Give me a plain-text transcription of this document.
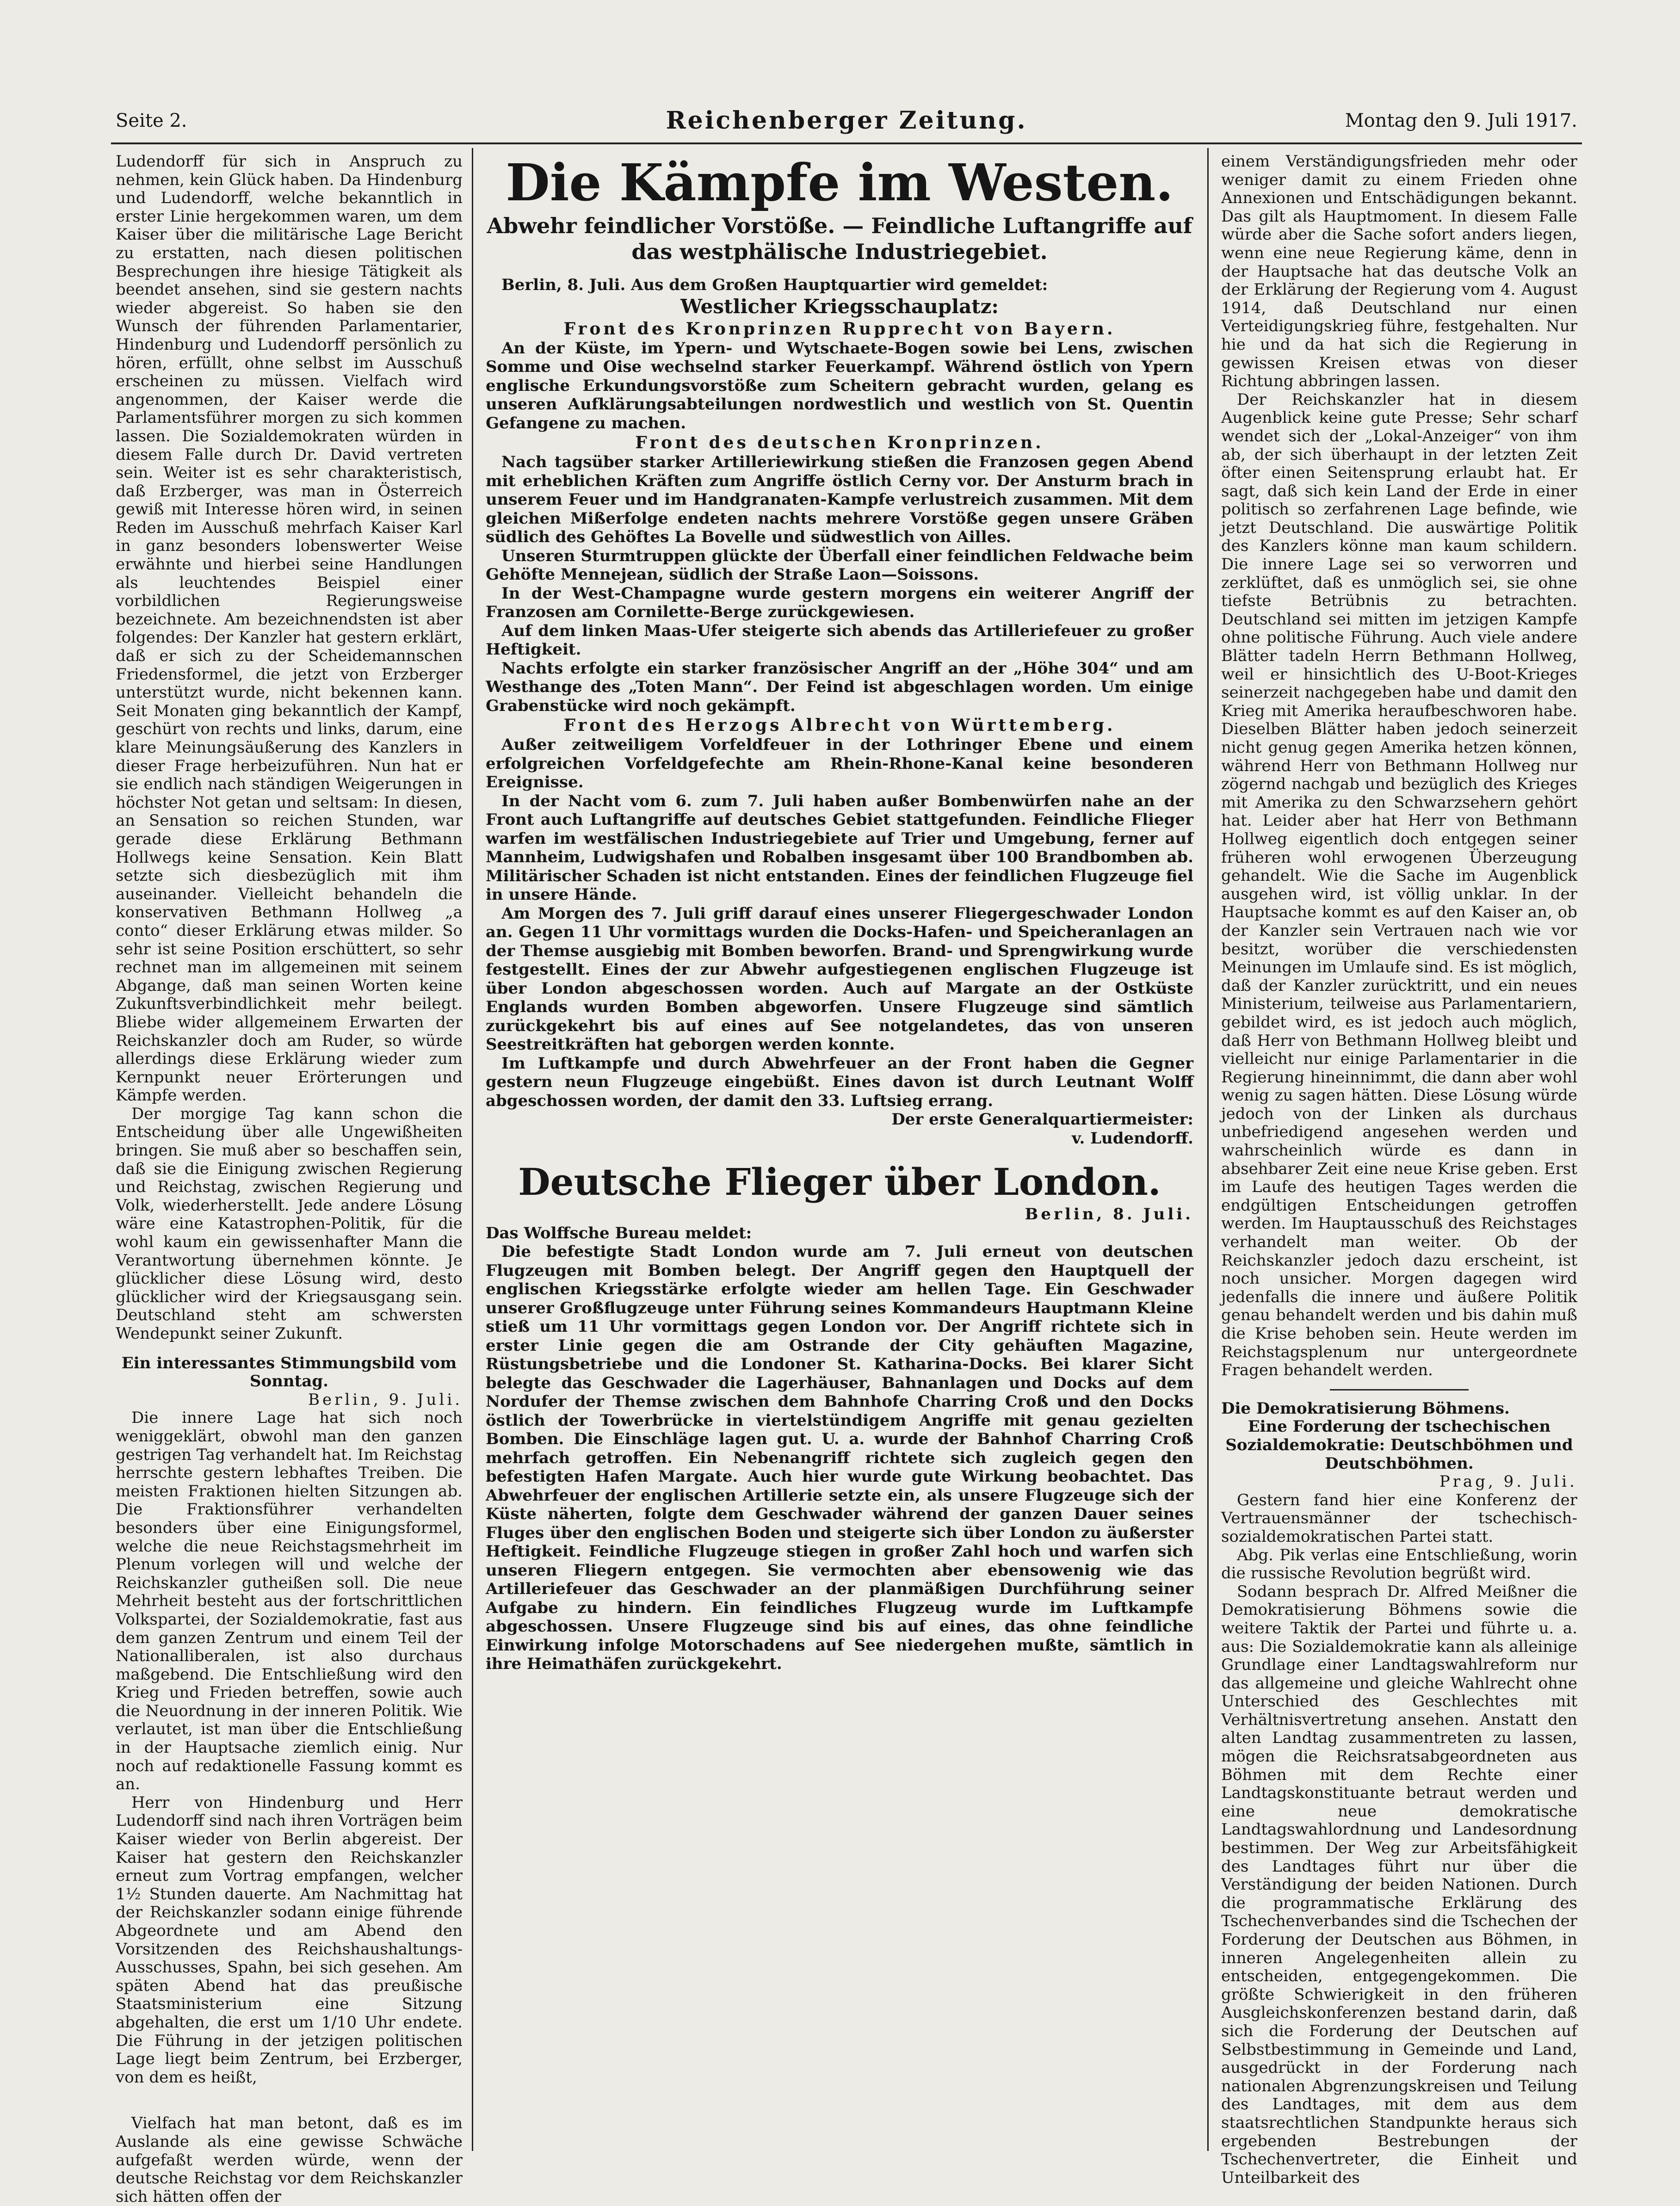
Seite 2.	Reichenberger Zeitung.	Montag den 9. Juli 1917.

Ludendorff für sich in Anspruch zu nehmen, kein Glück haben. Da Hindenburg und Ludendorff, welche bekanntlich in erster Linie hergekommen waren, um dem Kaiser über die militärische Lage Bericht zu erstatten, nach diesen politischen Besprechungen ihre hiesige Tätigkeit als beendet ansehen, sind sie gestern nachts wieder abgereist. So haben sie den Wunsch der führenden Parlamentarier, Hindenburg und Ludendorff persönlich zu hören, erfüllt, ohne selbst im Ausschuß erscheinen zu müssen. Vielfach wird angenommen, der Kaiser werde die Parlamentsführer morgen zu sich kommen lassen. Die Sozialdemokraten würden in diesem Falle durch Dr. David vertreten sein. Weiter ist es sehr charakteristisch, daß Erzberger, was man in Österreich gewiß mit Interesse hören wird, in seinen Reden im Ausschuß mehrfach Kaiser Karl in ganz besonders lobenswerter Weise erwähnte und hierbei seine Handlungen als leuchtendes Beispiel einer vorbildlichen Regierungsweise bezeichnete. Am bezeichnendsten ist aber folgendes: Der Kanzler hat gestern erklärt, daß er sich zu der Scheidemannschen Friedensformel, die jetzt von Erzberger unterstützt wurde, nicht bekennen kann. Seit Monaten ging bekanntlich der Kampf, geschürt von rechts und links, darum, eine klare Meinungsäußerung des Kanzlers in dieser Frage herbeizuführen. Nun hat er sie endlich nach ständigen Weigerungen in höchster Not getan und seltsam: In diesen, an Sensation so reichen Stunden, war gerade diese Erklärung Bethmann Hollwegs keine Sensation. Kein Blatt setzte sich diesbezüglich mit ihm auseinander. Vielleicht behandeln die konservativen Bethmann Hollweg „a conto“ dieser Erklärung etwas milder. So sehr ist seine Position erschüttert, so sehr rechnet man im allgemeinen mit seinem Abgange, daß man seinen Worten keine Zukunftsverbindlichkeit mehr beilegt. Bliebe wider allgemeinem Erwarten der Reichskanzler doch am Ruder, so würde allerdings diese Erklärung wieder zum Kernpunkt neuer Erörterungen und Kämpfe werden.

Der morgige Tag kann schon die Entscheidung über alle Ungewißheiten bringen. Sie muß aber so beschaffen sein, daß sie die Einigung zwischen Regierung und Reichstag, zwischen Regierung und Volk, wiederherstellt. Jede andere Lösung wäre eine Katastrophen-Politik, für die wohl kaum ein gewissenhafter Mann die Verantwortung übernehmen könnte. Je glücklicher diese Lösung wird, desto glücklicher wird der Kriegsausgang sein. Deutschland steht am schwersten Wendepunkt seiner Zukunft.

Ein interessantes Stimmungsbild vom Sonntag.

Berlin, 9. Juli.

Die innere Lage hat sich noch weniggeklärt, obwohl man den ganzen gestrigen Tag verhandelt hat. Im Reichstag herrschte gestern lebhaftes Treiben. Die meisten Fraktionen hielten Sitzungen ab. Die Fraktionsführer verhandelten besonders über eine Einigungsformel, welche die neue Reichstagsmehrheit im Plenum vorlegen will und welche der Reichskanzler gutheißen soll. Die neue Mehrheit besteht aus der fortschrittlichen Volkspartei, der Sozialdemokratie, fast aus dem ganzen Zentrum und einem Teil der Nationalliberalen, ist also durchaus maßgebend. Die Entschließung wird den Krieg und Frieden betreffen, sowie auch die Neuordnung in der inneren Politik. Wie verlautet, ist man über die Entschließung in der Hauptsache ziemlich einig. Nur noch auf redaktionelle Fassung kommt es an.

Herr von Hindenburg und Herr Ludendorff sind nach ihren Vorträgen beim Kaiser wieder von Berlin abgereist. Der Kaiser hat gestern den Reichskanzler erneut zum Vortrag empfangen, welcher 1½ Stunden dauerte. Am Nachmittag hat der Reichskanzler sodann einige führende Abgeordnete und am Abend den Vorsitzenden des Reichshaushaltungs-Ausschusses, Spahn, bei sich gesehen. Am späten Abend hat das preußische Staatsministerium eine Sitzung abgehalten, die erst um 1/10 Uhr endete. Die Führung in der jetzigen politischen Lage liegt beim Zentrum, bei Erzberger, von dem es heißt,

Vielfach hat man betont, daß es im Auslande als eine gewisse Schwäche aufgefaßt werden würde, wenn der deutsche Reichstag vor dem Reichskanzler sich hätten offen der

Die Kämpfe im Westen.
Abwehr feindlicher Vorstöße. — Feindliche Luftangriffe auf das westphälische Industriegebiet.

Berlin, 8. Juli. Aus dem Großen Hauptquartier wird gemeldet:

Westlicher Kriegsschauplatz:
Front des Kronprinzen Rupprecht von Bayern.

An der Küste, im Ypern- und Wytschaete-Bogen sowie bei Lens, zwischen Somme und Oise wechselnd starker Feuerkampf. Während östlich von Ypern englische Erkundungsvorstöße zum Scheitern gebracht wurden, gelang es unseren Aufklärungsabteilungen nordwestlich und westlich von St. Quentin Gefangene zu machen.

Front des deutschen Kronprinzen.

Nach tagsüber starker Artilleriewirkung stießen die Franzosen gegen Abend mit erheblichen Kräften zum Angriffe östlich Cerny vor. Der Ansturm brach in unserem Feuer und im Handgranaten-Kampfe verlustreich zusammen. Mit dem gleichen Mißerfolge endeten nachts mehrere Vorstöße gegen unsere Gräben südlich des Gehöftes La Bovelle und südwestlich von Ailles.

Unseren Sturmtruppen glückte der Überfall einer feindlichen Feldwache beim Gehöfte Mennejean, südlich der Straße Laon—Soissons.

In der West-Champagne wurde gestern morgens ein weiterer Angriff der Franzosen am Cornilette-Berge zurückgewiesen.

Auf dem linken Maas-Ufer steigerte sich abends das Artilleriefeuer zu großer Heftigkeit.

Nachts erfolgte ein starker französischer Angriff an der „Höhe 304“ und am Westhange des „Toten Mann“. Der Feind ist abgeschlagen worden. Um einige Grabenstücke wird noch gekämpft.

Front des Herzogs Albrecht von Württemberg.

Außer zeitweiligem Vorfeldfeuer in der Lothringer Ebene und einem erfolgreichen Vorfeldgefechte am Rhein-Rhone-Kanal keine besonderen Ereignisse.

In der Nacht vom 6. zum 7. Juli haben außer Bombenwürfen nahe an der Front auch Luftangriffe auf deutsches Gebiet stattgefunden. Feindliche Flieger warfen im westfälischen Industriegebiete auf Trier und Umgebung, ferner auf Mannheim, Ludwigshafen und Robalben insgesamt über 100 Brandbomben ab. Militärischer Schaden ist nicht entstanden. Eines der feindlichen Flugzeuge fiel in unsere Hände.

Am Morgen des 7. Juli griff darauf eines unserer Fliegergeschwader London an. Gegen 11 Uhr vormittags wurden die Docks-Hafen- und Speicheranlagen an der Themse ausgiebig mit Bomben beworfen. Brand- und Sprengwirkung wurde festgestellt. Eines der zur Abwehr aufgestiegenen englischen Flugzeuge ist über London abgeschossen worden. Auch auf Margate an der Ostküste Englands wurden Bomben abgeworfen. Unsere Flugzeuge sind sämtlich zurückgekehrt bis auf eines auf See notgelandetes, das von unseren Seestreitkräften hat geborgen werden konnte.

Im Luftkampfe und durch Abwehrfeuer an der Front haben die Gegner gestern neun Flugzeuge eingebüßt. Eines davon ist durch Leutnant Wolff abgeschossen worden, der damit den 33. Luftsieg errang.

Der erste Generalquartiermeister:

v. Ludendorff.

Deutsche Flieger über London.

Berlin, 8. Juli.

Das Wolffsche Bureau meldet:

Die befestigte Stadt London wurde am 7. Juli erneut von deutschen Flugzeugen mit Bomben belegt. Der Angriff gegen den Hauptquell der englischen Kriegsstärke erfolgte wieder am hellen Tage. Ein Geschwader unserer Großflugzeuge unter Führung seines Kommandeurs Hauptmann Kleine stieß um 11 Uhr vormittags gegen London vor. Der Angriff richtete sich in erster Linie gegen die am Ostrande der City gehäuften Magazine, Rüstungsbetriebe und die Londoner St. Katharina-Docks. Bei klarer Sicht belegte das Geschwader die Lagerhäuser, Bahnanlagen und Docks auf dem Nordufer der Themse zwischen dem Bahnhofe Charring Croß und den Docks östlich der Towerbrücke in viertelstündigem Angriffe mit genau gezielten Bomben. Die Einschläge lagen gut. U. a. wurde der Bahnhof Charring Croß mehrfach getroffen. Ein Nebenangriff richtete sich zugleich gegen den befestigten Hafen Margate. Auch hier wurde gute Wirkung beobachtet. Das Abwehrfeuer der englischen Artillerie setzte ein, als unsere Flugzeuge sich der Küste näherten, folgte dem Geschwader während der ganzen Dauer seines Fluges über den englischen Boden und steigerte sich über London zu äußerster Heftigkeit. Feindliche Flugzeuge stiegen in großer Zahl hoch und warfen sich unseren Fliegern entgegen. Sie vermochten aber ebensowenig wie das Artilleriefeuer das Geschwader an der planmäßigen Durchführung seiner Aufgabe zu hindern. Ein feindliches Flugzeug wurde im Luftkampfe abgeschossen. Unsere Flugzeuge sind bis auf eines, das ohne feindliche Einwirkung infolge Motorschadens auf See niedergehen mußte, sämtlich in ihre Heimathäfen zurückgekehrt.

einem Verständigungsfrieden mehr oder weniger damit zu einem Frieden ohne Annexionen und Entschädigungen bekannt. Das gilt als Hauptmoment. In diesem Falle würde aber die Sache sofort anders liegen, wenn eine neue Regierung käme, denn in der Hauptsache hat das deutsche Volk an der Erklärung der Regierung vom 4. August 1914, daß Deutschland nur einen Verteidigungskrieg führe, festgehalten. Nur hie und da hat sich die Regierung in gewissen Kreisen etwas von dieser Richtung abbringen lassen.

Der Reichskanzler hat in diesem Augenblick keine gute Presse; Sehr scharf wendet sich der „Lokal-Anzeiger“ von ihm ab, der sich überhaupt in der letzten Zeit öfter einen Seitensprung erlaubt hat. Er sagt, daß sich kein Land der Erde in einer politisch so zerfahrenen Lage befinde, wie jetzt Deutschland. Die auswärtige Politik des Kanzlers könne man kaum schildern. Die innere Lage sei so verworren und zerklüftet, daß es unmöglich sei, sie ohne tiefste Betrübnis zu betrachten. Deutschland sei mitten im jetzigen Kampfe ohne politische Führung. Auch viele andere Blätter tadeln Herrn Bethmann Hollweg, weil er hinsichtlich des U-Boot-Krieges seinerzeit nachgegeben habe und damit den Krieg mit Amerika heraufbeschworen habe. Dieselben Blätter haben jedoch seinerzeit nicht genug gegen Amerika hetzen können, während Herr von Bethmann Hollweg nur zögernd nachgab und bezüglich des Krieges mit Amerika zu den Schwarzsehern gehört hat. Leider aber hat Herr von Bethmann Hollweg eigentlich doch entgegen seiner früheren wohl erwogenen Überzeugung gehandelt. Wie die Sache im Augenblick ausgehen wird, ist völlig unklar. In der Hauptsache kommt es auf den Kaiser an, ob der Kanzler sein Vertrauen nach wie vor besitzt, worüber die verschiedensten Meinungen im Umlaufe sind. Es ist möglich, daß der Kanzler zurücktritt, und ein neues Ministerium, teilweise aus Parlamentariern, gebildet wird, es ist jedoch auch möglich, daß Herr von Bethmann Hollweg bleibt und vielleicht nur einige Parlamentarier in die Regierung hineinnimmt, die dann aber wohl wenig zu sagen hätten. Diese Lösung würde jedoch von der Linken als durchaus unbefriedigend angesehen werden und wahrscheinlich würde es dann in absehbarer Zeit eine neue Krise geben. Erst im Laufe des heutigen Tages werden die endgültigen Entscheidungen getroffen werden. Im Hauptausschuß des Reichstages verhandelt man weiter. Ob der Reichskanzler jedoch dazu erscheint, ist noch unsicher. Morgen dagegen wird jedenfalls die innere und äußere Politik genau behandelt werden und bis dahin muß die Krise behoben sein. Heute werden im Reichstagsplenum nur untergeordnete Fragen behandelt werden.

Die Demokratisierung Böhmens.

Eine Forderung der tschechischen Sozialdemokratie: Deutschböhmen und Deutschböhmen.

Prag, 9. Juli.

Gestern fand hier eine Konferenz der Vertrauensmänner der tschechisch-sozialdemokratischen Partei statt.

Abg. Pik verlas eine Entschließung, worin die russische Revolution begrüßt wird.

Sodann besprach Dr. Alfred Meißner die Demokratisierung Böhmens sowie die weitere Taktik der Partei und führte u. a. aus: Die Sozialdemokratie kann als alleinige Grundlage einer Landtagswahlreform nur das allgemeine und gleiche Wahlrecht ohne Unterschied des Geschlechtes mit Verhältnisvertretung ansehen. Anstatt den alten Landtag zusammentreten zu lassen, mögen die Reichsratsabgeordneten aus Böhmen mit dem Rechte einer Landtagskonstituante betraut werden und eine neue demokratische Landtagswahlordnung und Landesordnung bestimmen. Der Weg zur Arbeitsfähigkeit des Landtages führt nur über die Verständigung der beiden Nationen. Durch die programmatische Erklärung des Tschechenverbandes sind die Tschechen der Forderung der Deutschen aus Böhmen, in inneren Angelegenheiten allein zu entscheiden, entgegengekommen. Die größte Schwierigkeit in den früheren Ausgleichskonferenzen bestand darin, daß sich die Forderung der Deutschen auf Selbstbestimmung in Gemeinde und Land, ausgedrückt in der Forderung nach nationalen Abgrenzungskreisen und Teilung des Landtages, mit dem aus dem staatsrechtlichen Standpunkte heraus sich ergebenden Bestrebungen der Tschechenvertreter, die Einheit und Unteilbarkeit des
